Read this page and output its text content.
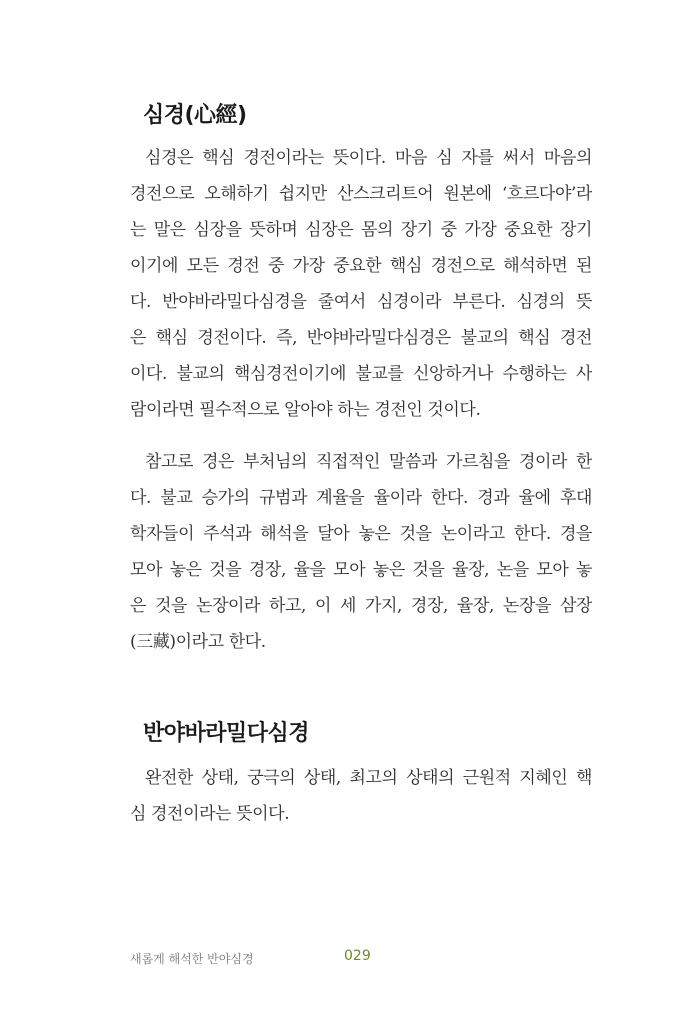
심경(心經)
심경은 핵심 경전이라는 뜻이다. 마음 심 자를 써서 마음의
경전으로 오해하기 쉽지만 산스크리트어 원본에 ‘흐르다야’라
는 말은 심장을 뜻하며 심장은 몸의 장기 중 가장 중요한 장기
이기에 모든 경전 중 가장 중요한 핵심 경전으로 해석하면 된
다. 반야바라밀다심경을 줄여서 심경이라 부른다. 심경의 뜻
은 핵심 경전이다. 즉, 반야바라밀다심경은 불교의 핵심 경전
이다. 불교의 핵심경전이기에 불교를 신앙하거나 수행하는 사
람이라면 필수적으로 알아야 하는 경전인 것이다.
참고로 경은 부처님의 직접적인 말씀과 가르침을 경이라 한
다. 불교 승가의 규범과 계율을 율이라 한다. 경과 율에 후대
학자들이 주석과 해석을 달아 놓은 것을 논이라고 한다. 경을
모아 놓은 것을 경장, 율을 모아 놓은 것을 율장, 논을 모아 놓
은 것을 논장이라 하고, 이 세 가지, 경장, 율장, 논장을 삼장
(三藏)이라고 한다.
반야바라밀다심경
완전한 상태, 궁극의 상태, 최고의 상태의 근원적 지혜인 핵
심 경전이라는 뜻이다.
새롭게 해석한 반야심경	029
